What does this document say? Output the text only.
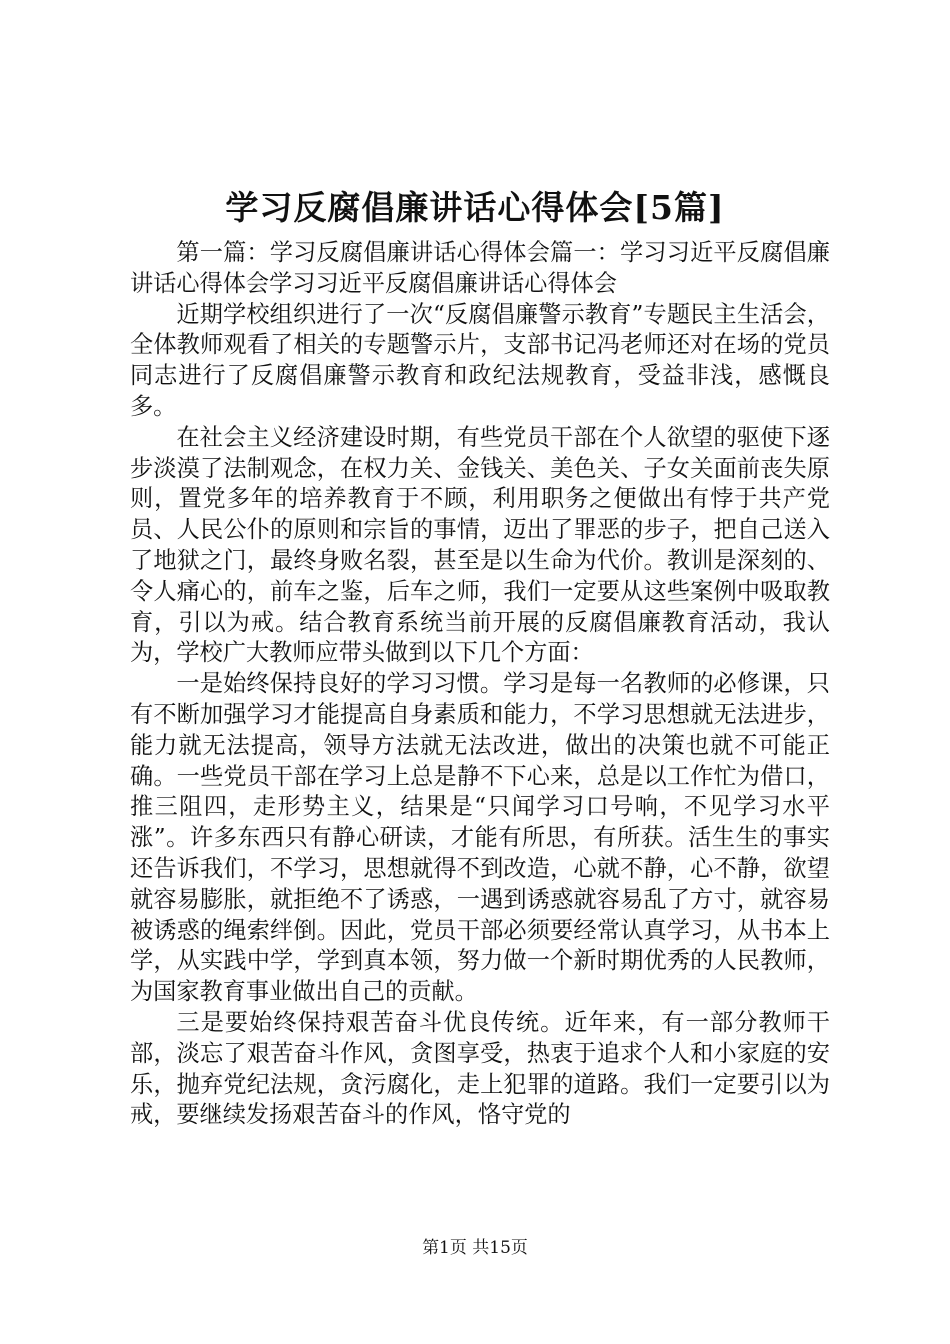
学习反腐倡廉讲话心得体会[5篇]

第一篇：学习反腐倡廉讲话心得体会篇一：学习习近平反腐倡廉讲话心得体会学习习近平反腐倡廉讲话心得体会

近期学校组织进行了一次“反腐倡廉警示教育”专题民主生活会，全体教师观看了相关的专题警示片，支部书记冯老师还对在场的党员同志进行了反腐倡廉警示教育和政纪法规教育，受益非浅，感慨良多。

在社会主义经济建设时期，有些党员干部在个人欲望的驱使下逐步淡漠了法制观念，在权力关、金钱关、美色关、子女关面前丧失原则，置党多年的培养教育于不顾，利用职务之便做出有悖于共产党员、人民公仆的原则和宗旨的事情，迈出了罪恶的步子，把自己送入了地狱之门，最终身败名裂，甚至是以生命为代价。教训是深刻的、令人痛心的，前车之鉴，后车之师，我们一定要从这些案例中吸取教育，引以为戒。结合教育系统当前开展的反腐倡廉教育活动，我认为，学校广大教师应带头做到以下几个方面：

一是始终保持良好的学习习惯。学习是每一名教师的必修课，只有不断加强学习才能提高自身素质和能力，不学习思想就无法进步，能力就无法提高，领导方法就无法改进，做出的决策也就不可能正确。一些党员干部在学习上总是静不下心来，总是以工作忙为借口，推三阻四，走形势主义，结果是“只闻学习口号响，不见学习水平涨”。许多东西只有静心研读，才能有所思，有所获。活生生的事实还告诉我们，不学习，思想就得不到改造，心就不静，心不静，欲望就容易膨胀，就拒绝不了诱惑，一遇到诱惑就容易乱了方寸，就容易被诱惑的绳索绊倒。因此，党员干部必须要经常认真学习，从书本上学，从实践中学，学到真本领，努力做一个新时期优秀的人民教师，为国家教育事业做出自己的贡献。

三是要始终保持艰苦奋斗优良传统。近年来，有一部分教师干部，淡忘了艰苦奋斗作风，贪图享受，热衷于追求个人和小家庭的安乐，抛弃党纪法规，贪污腐化，走上犯罪的道路。我们一定要引以为戒，要继续发扬艰苦奋斗的作风，恪守党的

第1页 共15页
